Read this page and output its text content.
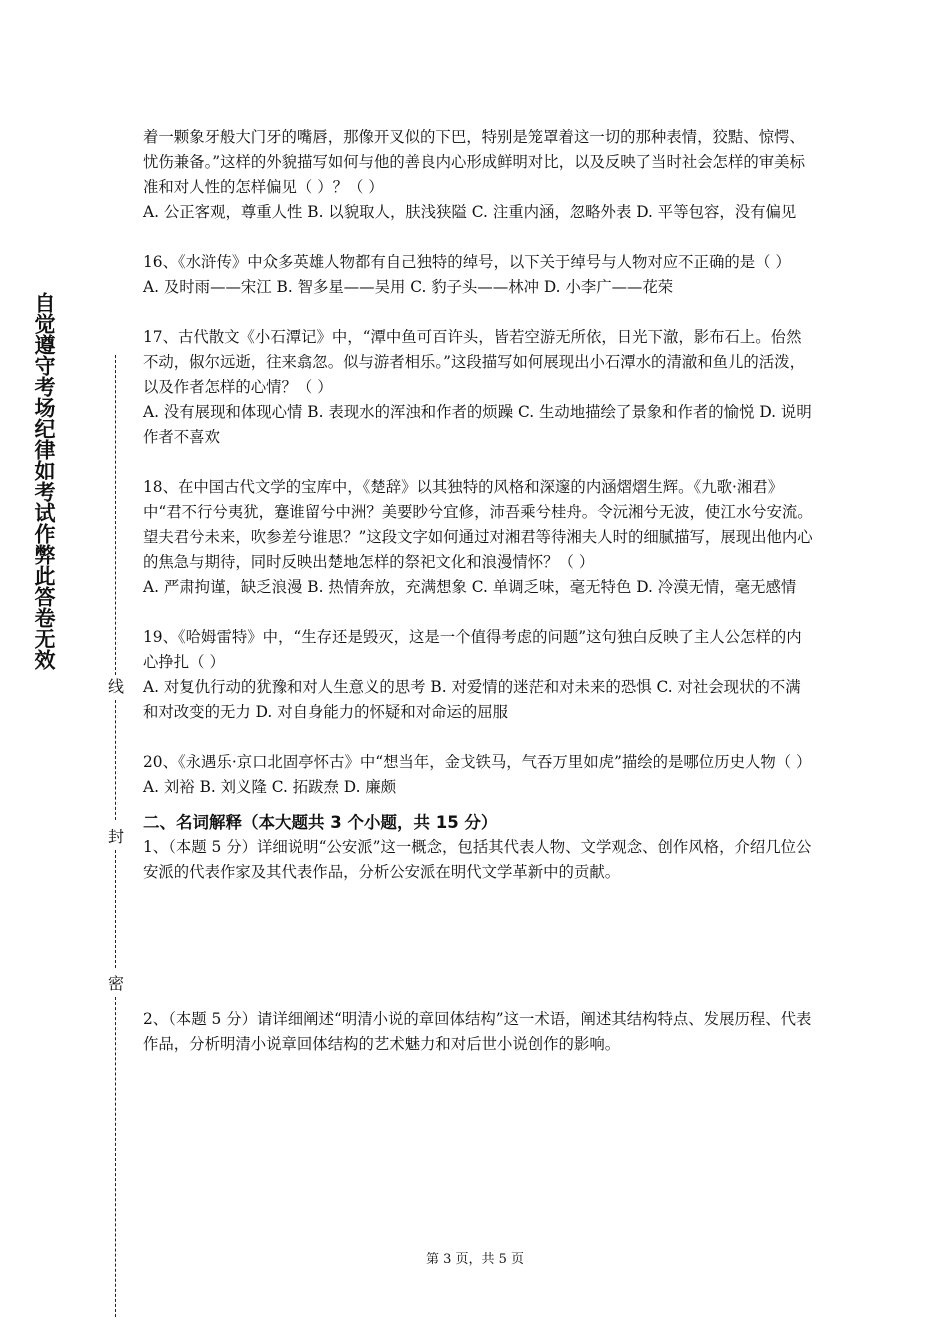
自觉遵守考场纪律如考试作弊此答卷无效
线
封
密

着一颗象牙般大门牙的嘴唇，那像开叉似的下巴，特别是笼罩着这一切的那种表情，狡黠、惊愕、忧伤兼备。”这样的外貌描写如何与他的善良内心形成鲜明对比，以及反映了当时社会怎样的审美标准和对人性的怎样偏见（ ）？（ ）

A. 公正客观，尊重人性 B. 以貌取人，肤浅狭隘 C. 注重内涵，忽略外表 D. 平等包容，没有偏见

16、《水浒传》中众多英雄人物都有自己独特的绰号，以下关于绰号与人物对应不正确的是（ ）

A. 及时雨——宋江 B. 智多星——吴用 C. 豹子头——林冲 D. 小李广——花荣

17、古代散文《小石潭记》中，“潭中鱼可百许头，皆若空游无所依，日光下澈，影布石上。佁然不动，俶尔远逝，往来翕忽。似与游者相乐。”这段描写如何展现出小石潭水的清澈和鱼儿的活泼，以及作者怎样的心情？（ ）

A. 没有展现和体现心情 B. 表现水的浑浊和作者的烦躁 C. 生动地描绘了景象和作者的愉悦 D. 说明作者不喜欢

18、在中国古代文学的宝库中，《楚辞》以其独特的风格和深邃的内涵熠熠生辉。《九歌·湘君》中“君不行兮夷犹，蹇谁留兮中洲？美要眇兮宜修，沛吾乘兮桂舟。令沅湘兮无波，使江水兮安流。望夫君兮未来，吹参差兮谁思？”这段文字如何通过对湘君等待湘夫人时的细腻描写，展现出他内心的焦急与期待，同时反映出楚地怎样的祭祀文化和浪漫情怀？（ ）

A. 严肃拘谨，缺乏浪漫 B. 热情奔放，充满想象 C. 单调乏味，毫无特色 D. 冷漠无情，毫无感情

19、《哈姆雷特》中，“生存还是毁灭，这是一个值得考虑的问题”这句独白反映了主人公怎样的内心挣扎（ ）

A. 对复仇行动的犹豫和对人生意义的思考 B. 对爱情的迷茫和对未来的恐惧 C. 对社会现状的不满和对改变的无力 D. 对自身能力的怀疑和对命运的屈服

20、《永遇乐·京口北固亭怀古》中“想当年，金戈铁马，气吞万里如虎”描绘的是哪位历史人物（ ）

A. 刘裕 B. 刘义隆 C. 拓跋焘 D. 廉颇

二、名词解释（本大题共 3 个小题，共 15 分）

1、（本题 5 分）详细说明“公安派”这一概念，包括其代表人物、文学观念、创作风格，介绍几位公安派的代表作家及其代表作品，分析公安派在明代文学革新中的贡献。

2、（本题 5 分）请详细阐述“明清小说的章回体结构”这一术语，阐述其结构特点、发展历程、代表作品，分析明清小说章回体结构的艺术魅力和对后世小说创作的影响。

第 3 页，共 5 页
